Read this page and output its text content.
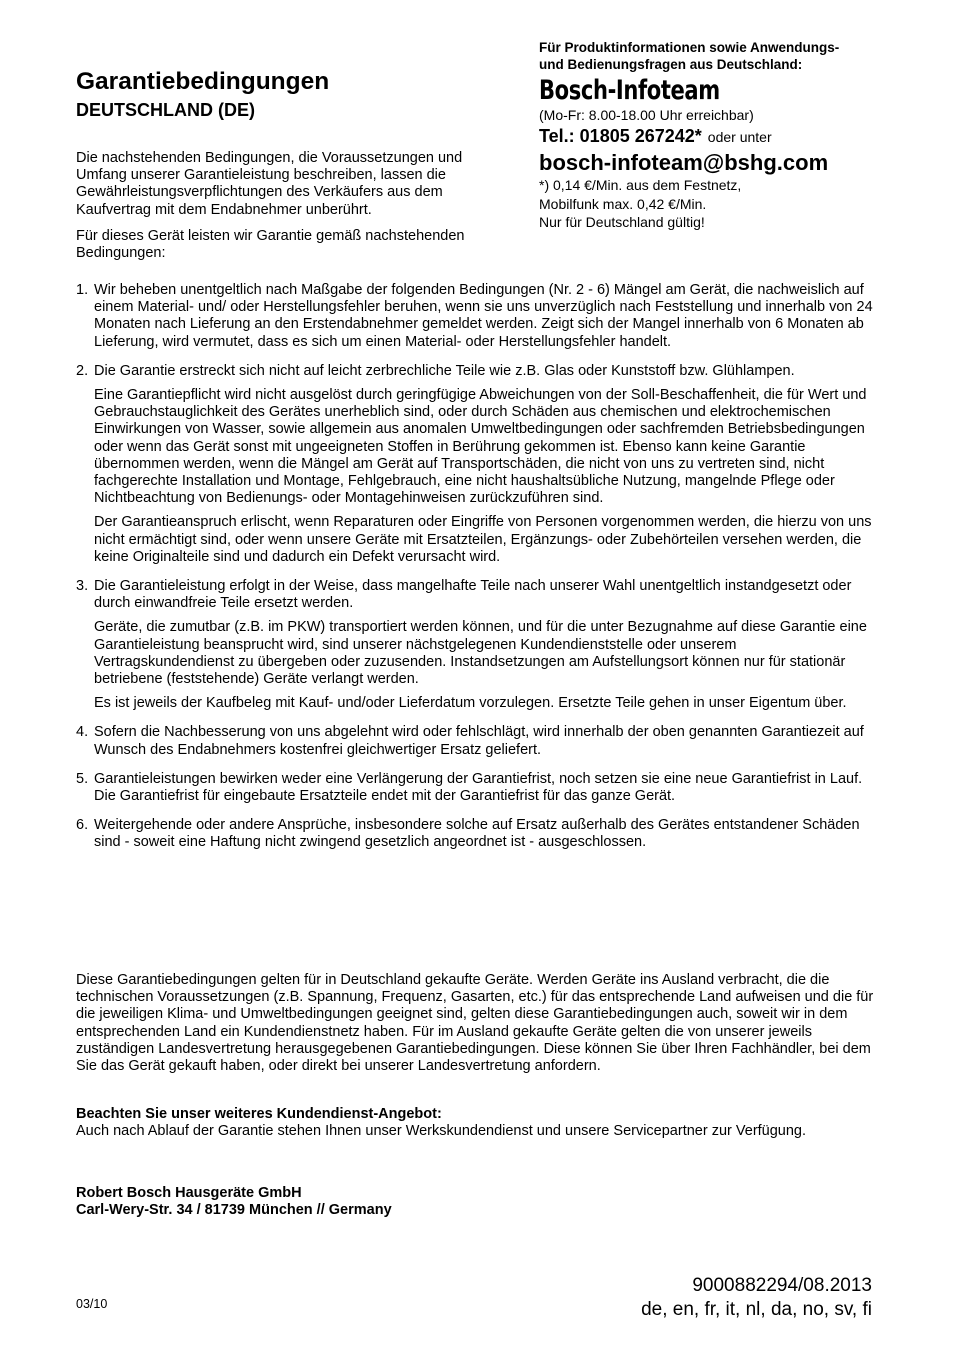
Garantiebedingungen
DEUTSCHLAND (DE)

Die nachstehenden Bedingungen, die Voraussetzungen und Umfang unserer Garantieleistung beschreiben, lassen die Gewährleistungsverpflichtungen des Verkäufers aus dem Kaufvertrag mit dem Endabnehmer unberührt.

Für dieses Gerät leisten wir Garantie gemäß nachstehenden Bedingungen:

Für Produktinformationen sowie Anwendungs-
und Bedienungsfragen aus Deutschland:
Bosch-Infoteam
(Mo-Fr: 8.00-18.00 Uhr erreichbar)
Tel.: 01805 267242* oder unter
bosch-infoteam@bshg.com
*) 0,14 €/Min. aus dem Festnetz,
Mobilfunk max. 0,42 €/Min.
Nur für Deutschland gültig!
1. Wir beheben unentgeltlich nach Maßgabe der folgenden Bedingungen (Nr. 2 - 6) Mängel am Gerät, die nachweislich auf einem Material- und/ oder Herstellungsfehler beruhen, wenn sie uns unverzüglich nach Feststellung und innerhalb von 24 Monaten nach Lieferung an den Erstendabnehmer gemeldet werden. Zeigt sich der Mangel innerhalb von 6 Monaten ab Lieferung, wird vermutet, dass es sich um einen Material- oder Herstellungsfehler handelt.

2. Die Garantie erstreckt sich nicht auf leicht zerbrechliche Teile wie z.B. Glas oder Kunststoff bzw. Glühlampen.

Eine Garantiepflicht wird nicht ausgelöst durch geringfügige Abweichungen von der Soll-Beschaffenheit, die für Wert und Gebrauchstauglichkeit des Gerätes unerheblich sind, oder durch Schäden aus chemischen und elektrochemischen Einwirkungen von Wasser, sowie allgemein aus anomalen Umweltbedingungen oder sachfremden Betriebsbedingungen oder wenn das Gerät sonst mit ungeeigneten Stoffen in Berührung gekommen ist. Ebenso kann keine Garantie übernommen werden, wenn die Mängel am Gerät auf Transportschäden, die nicht von uns zu vertreten sind, nicht fachgerechte Installation und Montage, Fehlgebrauch, eine nicht haushaltsübliche Nutzung, mangelnde Pflege oder Nichtbeachtung von Bedienungs- oder Montagehinweisen zurückzuführen sind.

Der Garantieanspruch erlischt, wenn Reparaturen oder Eingriffe von Personen vorgenommen werden, die hierzu von uns nicht ermächtigt sind, oder wenn unsere Geräte mit Ersatzteilen, Ergänzungs- oder Zubehörteilen versehen werden, die keine Originalteile sind und dadurch ein Defekt verursacht wird.

3. Die Garantieleistung erfolgt in der Weise, dass mangelhafte Teile nach unserer Wahl unentgeltlich instandgesetzt oder durch einwandfreie Teile ersetzt werden.

Geräte, die zumutbar (z.B. im PKW) transportiert werden können, und für die unter Bezugnahme auf diese Garantie eine Garantieleistung beansprucht wird, sind unserer nächstgelegenen Kundendienststelle oder unserem Vertragskundendienst zu übergeben oder zuzusenden. Instandsetzungen am Aufstellungsort können nur für stationär betriebene (feststehende) Geräte verlangt werden.

Es ist jeweils der Kaufbeleg mit Kauf- und/oder Lieferdatum vorzulegen. Ersetzte Teile gehen in unser Eigentum über.

4. Sofern die Nachbesserung von uns abgelehnt wird oder fehlschlägt, wird innerhalb der oben genannten Garantiezeit auf Wunsch des Endabnehmers kostenfrei gleichwertiger Ersatz geliefert.

5. Garantieleistungen bewirken weder eine Verlängerung der Garantiefrist, noch setzen sie eine neue Garantiefrist in Lauf. Die Garantiefrist für eingebaute Ersatzteile endet mit der Garantiefrist für das ganze Gerät.

6. Weitergehende oder andere Ansprüche, insbesondere solche auf Ersatz außerhalb des Gerätes entstandener Schäden sind - soweit eine Haftung nicht zwingend gesetzlich angeordnet ist - ausgeschlossen.

Diese Garantiebedingungen gelten für in Deutschland gekaufte Geräte. Werden Geräte ins Ausland verbracht, die die technischen Voraussetzungen (z.B. Spannung, Frequenz, Gasarten, etc.) für das entsprechende Land aufweisen und die für die jeweiligen Klima- und Umweltbedingungen geeignet sind, gelten diese Garantiebedingungen auch, soweit wir in dem entsprechenden Land ein Kundendienstnetz haben. Für im Ausland gekaufte Geräte gelten die von unserer jeweils zuständigen Landesvertretung herausgegebenen Garantiebedingungen. Diese können Sie über Ihren Fachhändler, bei dem Sie das Gerät gekauft haben, oder direkt bei unserer Landesvertretung anfordern.
Beachten Sie unser weiteres Kundendienst-Angebot:
Auch nach Ablauf der Garantie stehen Ihnen unser Werkskundendienst und unsere Servicepartner zur Verfügung.
Robert Bosch Hausgeräte GmbH
Carl-Wery-Str. 34 / 81739 München // Germany
03/10
9000882294/08.2013
de, en, fr, it, nl, da, no, sv, fi
